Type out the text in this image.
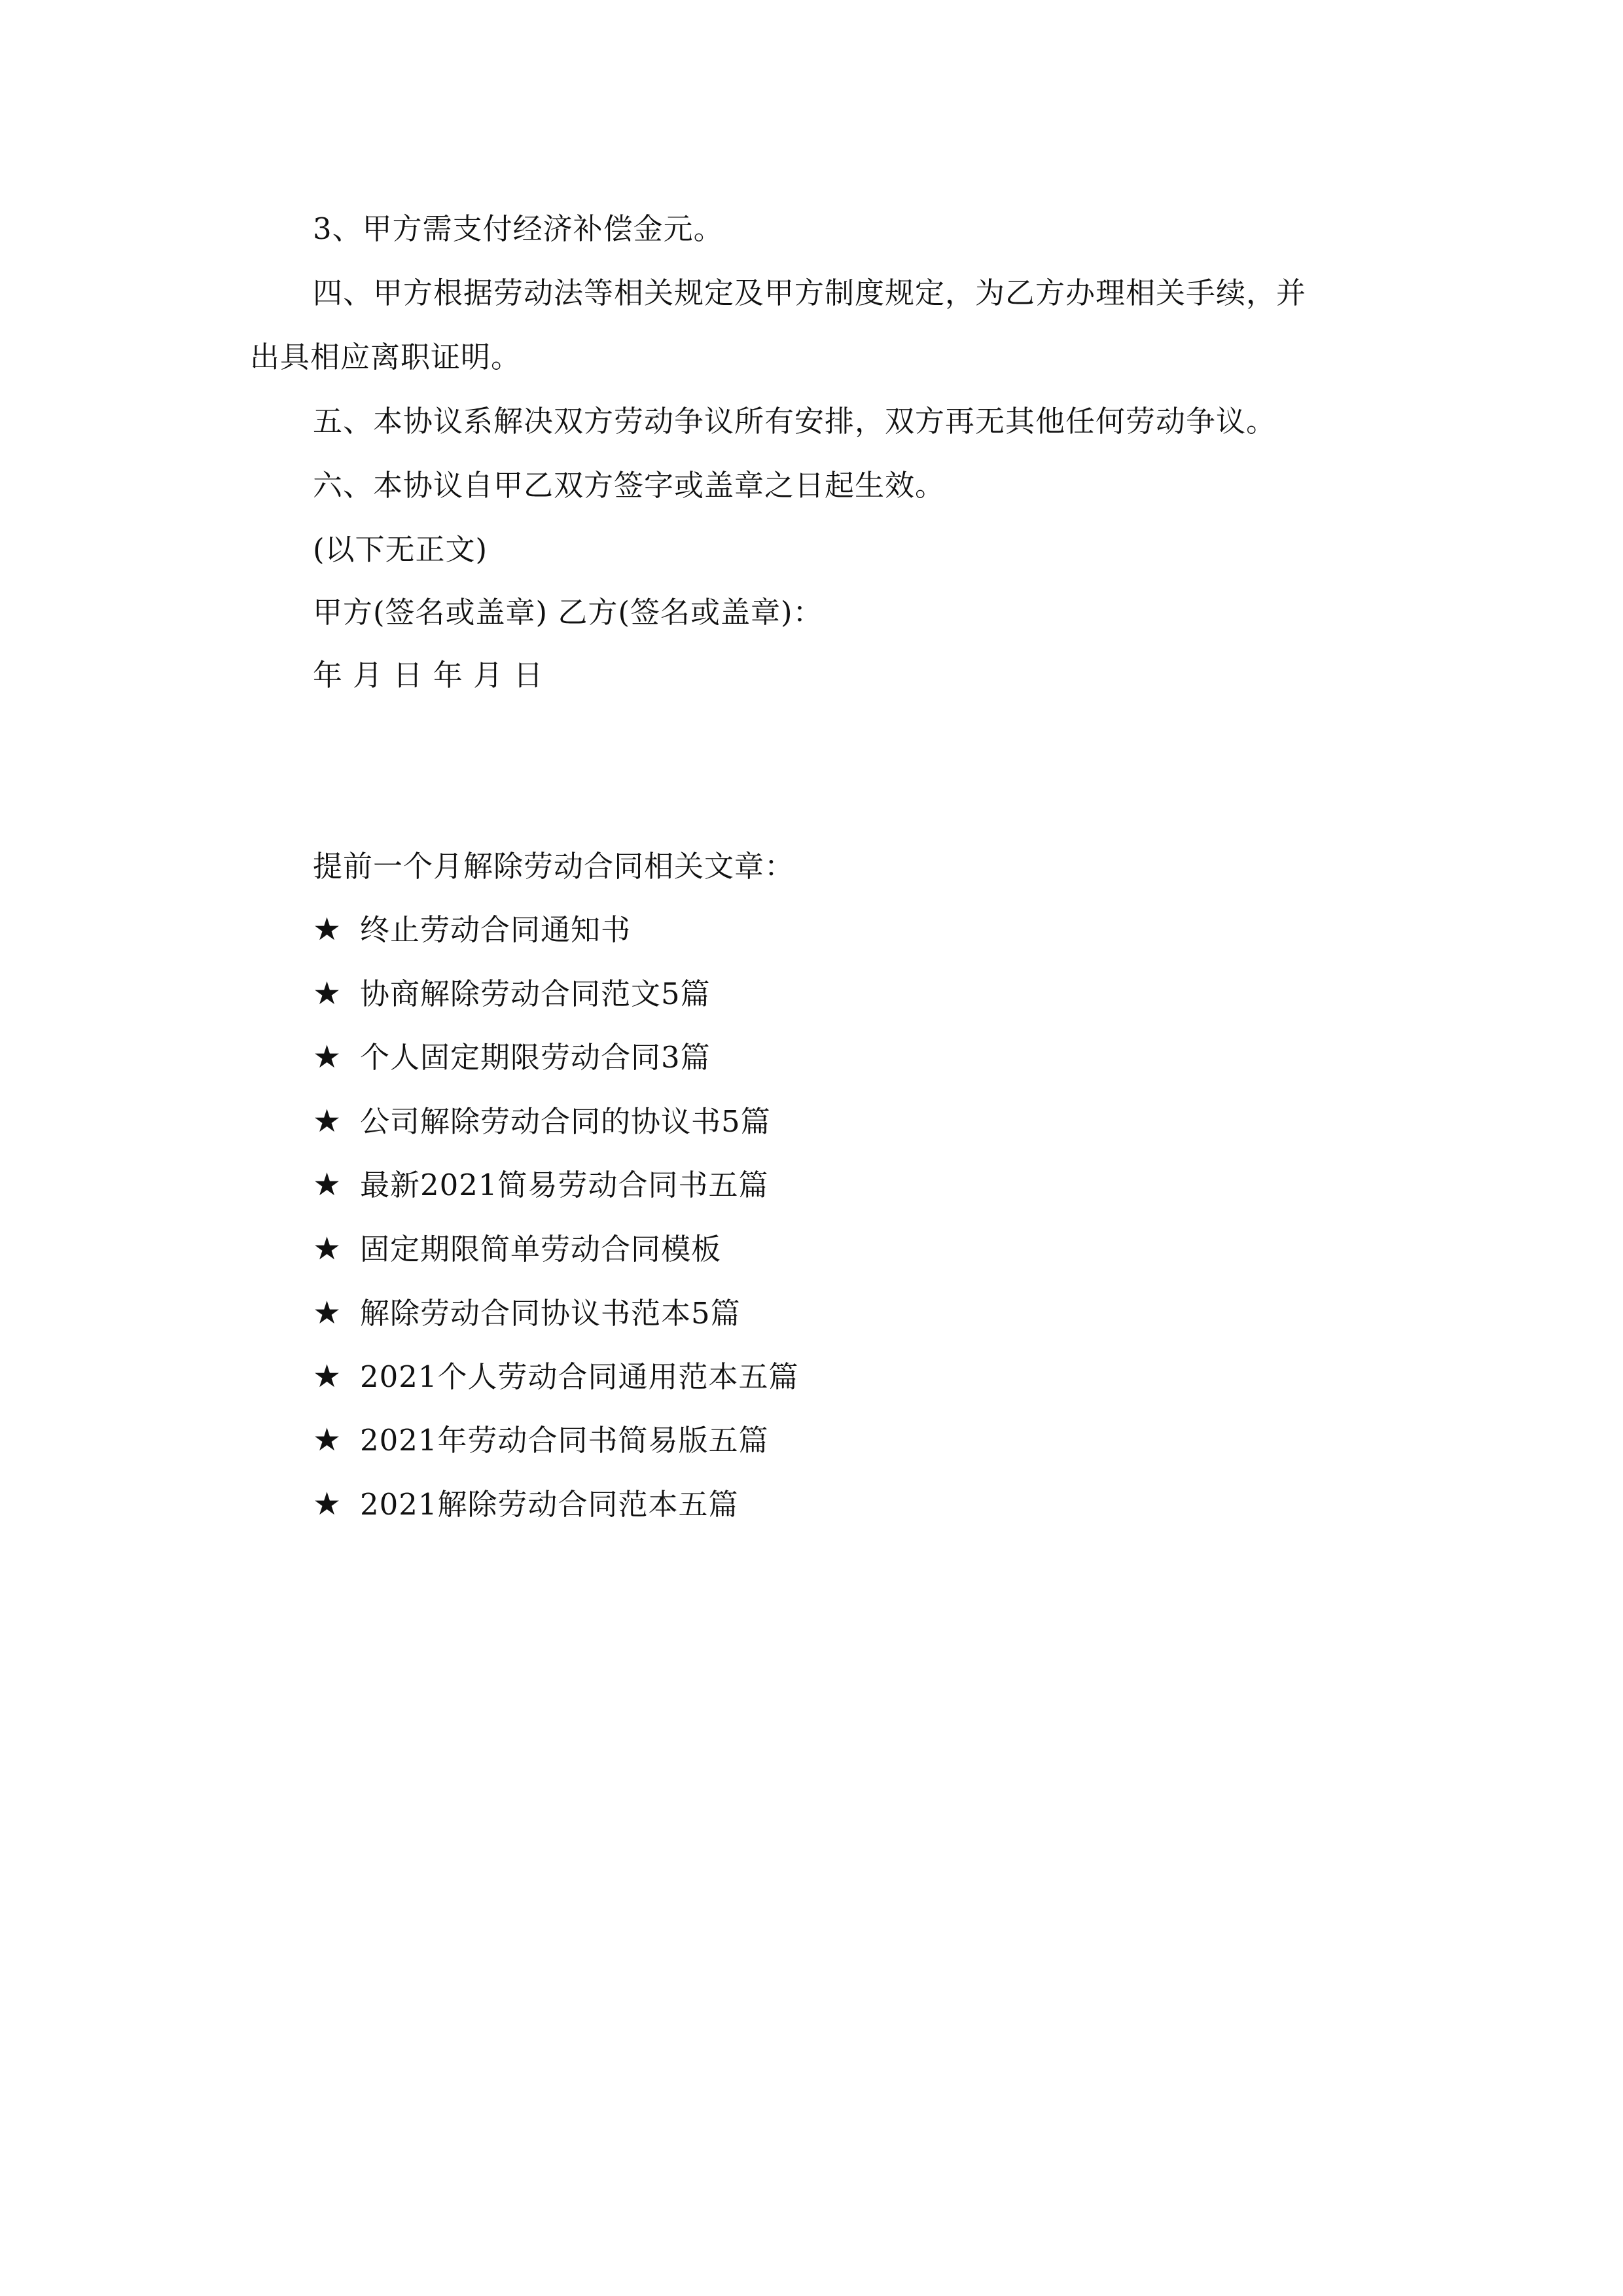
3、甲方需支付经济补偿金元。
四、甲方根据劳动法等相关规定及甲方制度规定，为乙方办理相关手续，并
出具相应离职证明。
五、本协议系解决双方劳动争议所有安排，双方再无其他任何劳动争议。
六、本协议自甲乙双方签字或盖章之日起生效。
(以下无正文)
甲方(签名或盖章) 乙方(签名或盖章)：
年 月 日 年 月 日
提前一个月解除劳动合同相关文章：
★ 终止劳动合同通知书
★ 协商解除劳动合同范文5篇
★ 个人固定期限劳动合同3篇
★ 公司解除劳动合同的协议书5篇
★ 最新2021简易劳动合同书五篇
★ 固定期限简单劳动合同模板
★ 解除劳动合同协议书范本5篇
★ 2021个人劳动合同通用范本五篇
★ 2021年劳动合同书简易版五篇
★ 2021解除劳动合同范本五篇
